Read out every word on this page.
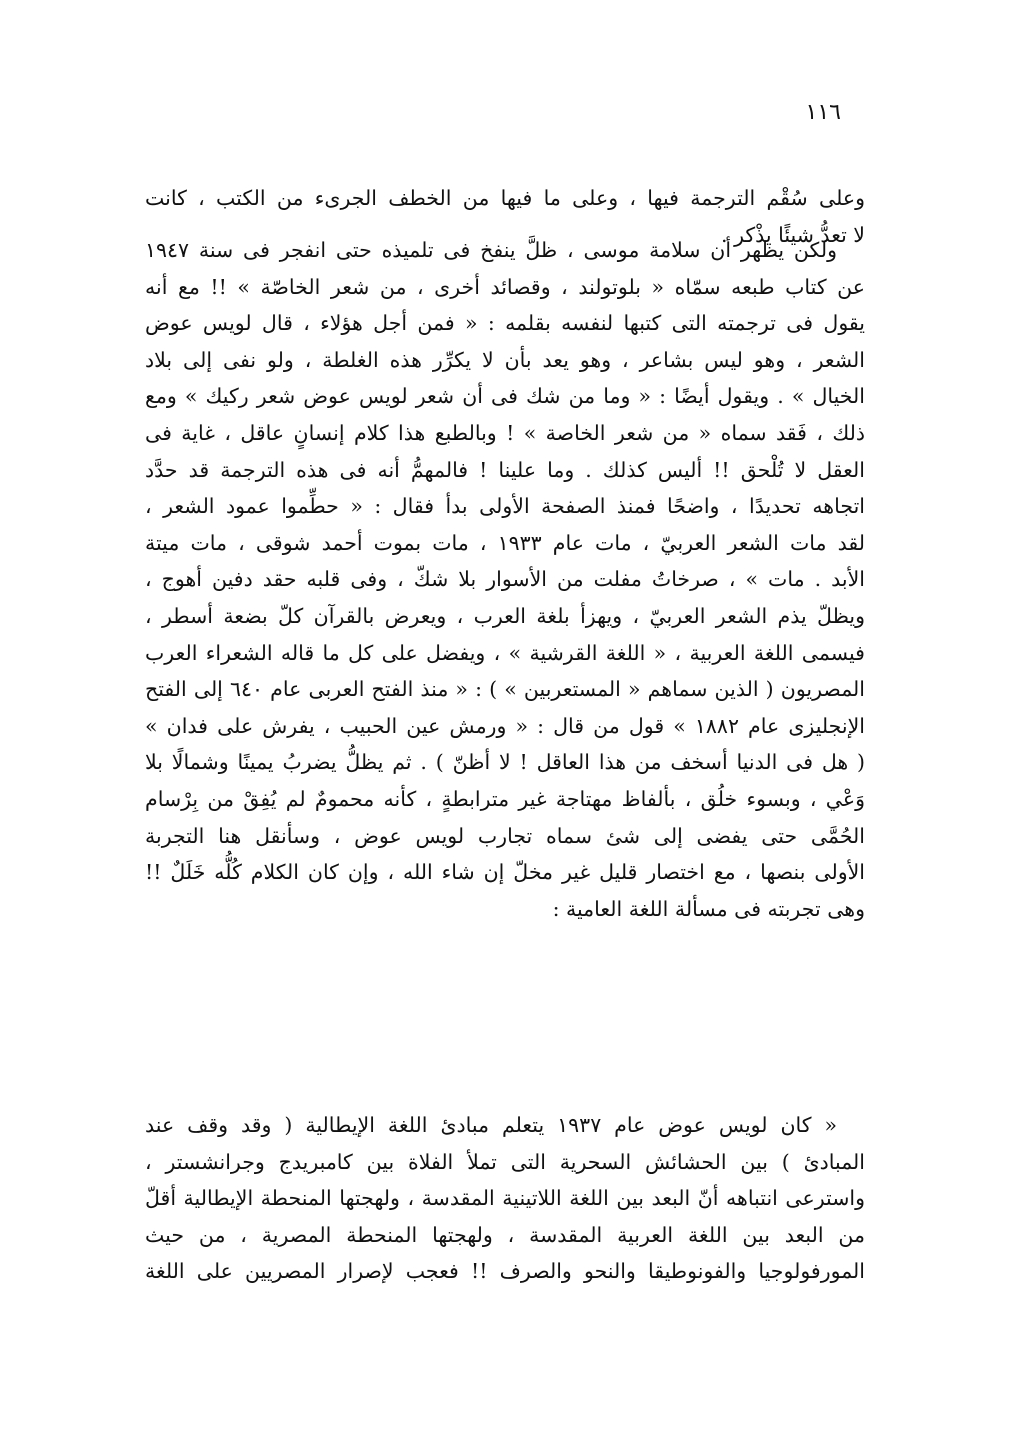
١١٦
وعلى سُقْم الترجمة فيها ، وعلى ما فيها من الخطف الجرىء من الكتب ، كانت
لا تعدُّ شيئًا يذْكر .
ولكن يظهر أن سلامة موسى ، ظلَّ ينفخ فى تلميذه حتى انفجر فى سنة ١٩٤٧
عن كتاب طبعه سمّاه « بلوتولند ، وقصائد أخرى ، من شعر الخاصّة » !! مع أنه
يقول فى ترجمته التى كتبها لنفسه بقلمه : « فمن أجل هؤلاء ، قال لويس عوض
الشعر ، وهو ليس بشاعر ، وهو يعد بأن لا يكرِّر هذه الغلطة ، ولو نفى إلى بلاد
الخيال » . ويقول أيضًا : « وما من شك فى أن شعر لويس عوض شعر ركيك » ومع
ذلك ، فَقد سماه « من شعر الخاصة » ! وبالطبع هذا كلام إنسانٍ عاقل ، غاية فى
العقل لا تُلْحق !! أليس كذلك . وما علينا ! فالمهمُّ أنه فى هذه الترجمة قد حدَّد
اتجاهه تحديدًا ، واضحًا فمنذ الصفحة الأولى بدأ فقال : « حطِّموا عمود الشعر ،
لقد مات الشعر العربيّ ، مات عام ١٩٣٣ ، مات بموت أحمد شوقى ، مات ميتة
الأبد . مات » ، صرخاتُ مفلت من الأسوار بلا شكّ ، وفى قلبه حقد دفين أهوج ،
ويظلّ يذم الشعر العربيّ ، ويهزأ بلغة العرب ، ويعرض بالقرآن كلّ بضعة أسطر ،
فيسمى اللغة العربية ، « اللغة القرشية » ، ويفضل على كل ما قاله الشعراء العرب
المصريون ( الذين سماهم « المستعربين » ) : « منذ الفتح العربى عام ٦٤٠ إلى الفتح
الإنجليزى عام ١٨٨٢ » قول من قال : « ورمش عين الحبيب ، يفرش على فدان »
( هل فى الدنيا أسخف من هذا العاقل ! لا أظنّ ) . ثم يظلُّ يضربُ يمينًا وشمالًا بلا
وَعْي ، وبسوء خلُق ، بألفاظ مهتاجة غير مترابطةٍ ، كأنه محمومٌ لم يُفِقْ من بِرْسام
الحُمَّى حتى يفضى إلى شئ سماه تجارب لويس عوض ، وسأنقل هنا التجربة
الأولى بنصها ، مع اختصار قليل غير مخلّ إن شاء الله ، وإن كان الكلام كُلُّه خَلَلٌ !!
وهى تجربته فى مسألة اللغة العامية :
« كان لويس عوض عام ١٩٣٧ يتعلم مبادئ اللغة الإيطالية ( وقد وقف عند
المبادئ ) بين الحشائش السحرية التى تملأ الفلاة بين كامبريدج وجرانشستر ،
واسترعى انتباهه أنّ البعد بين اللغة اللاتينية المقدسة ، ولهجتها المنحطة الإيطالية أقلّ
من البعد بين اللغة العربية المقدسة ، ولهجتها المنحطة المصرية ، من حيث
المورفولوجيا والفونوطيقا والنحو والصرف !! فعجب لإصرار المصريين على اللغة
